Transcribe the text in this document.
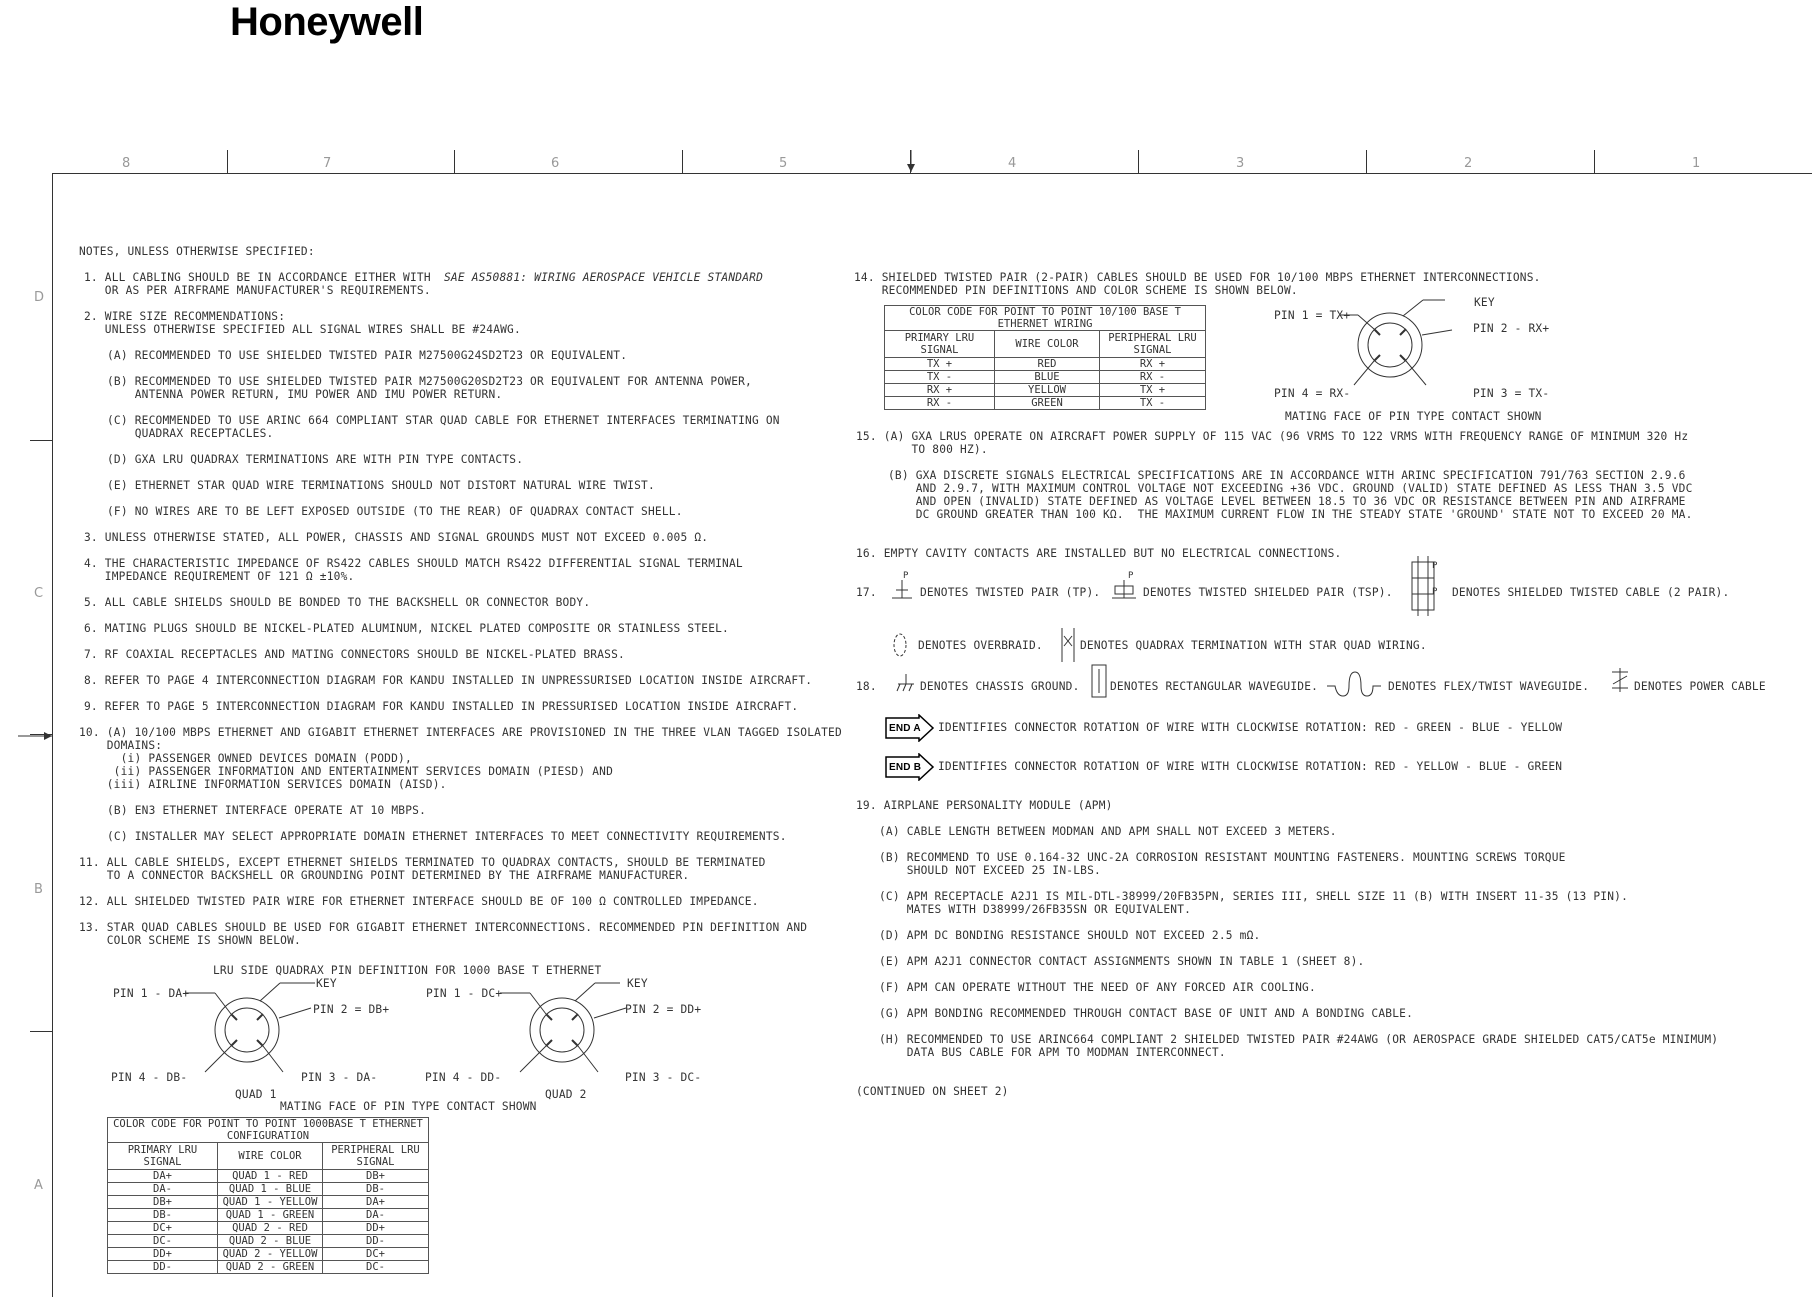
Honeywell
8	7	6	5	4	3	2	1
D
C
B
A
NOTES, UNLESS OTHERWISE SPECIFIED:
1. ALL CABLING SHOULD BE IN ACCORDANCE EITHER WITH SAE AS50881: WIRING AEROSPACE VEHICLE STANDARD
OR AS PER AIRFRAME MANUFACTURER'S REQUIREMENTS.
2. WIRE SIZE RECOMMENDATIONS:
UNLESS OTHERWISE SPECIFIED ALL SIGNAL WIRES SHALL BE #24AWG.
(A) RECOMMENDED TO USE SHIELDED TWISTED PAIR M27500G24SD2T23 OR EQUIVALENT.
(B) RECOMMENDED TO USE SHIELDED TWISTED PAIR M27500G20SD2T23 OR EQUIVALENT FOR ANTENNA POWER,
ANTENNA POWER RETURN, IMU POWER AND IMU POWER RETURN.
(C) RECOMMENDED TO USE ARINC 664 COMPLIANT STAR QUAD CABLE FOR ETHERNET INTERFACES TERMINATING ON
QUADRAX RECEPTACLES.
(D) GXA LRU QUADRAX TERMINATIONS ARE WITH PIN TYPE CONTACTS.
(E) ETHERNET STAR QUAD WIRE TERMINATIONS SHOULD NOT DISTORT NATURAL WIRE TWIST.
(F) NO WIRES ARE TO BE LEFT EXPOSED OUTSIDE (TO THE REAR) OF QUADRAX CONTACT SHELL.
3. UNLESS OTHERWISE STATED, ALL POWER, CHASSIS AND SIGNAL GROUNDS MUST NOT EXCEED 0.005 Ω.
4. THE CHARACTERISTIC IMPEDANCE OF RS422 CABLES SHOULD MATCH RS422 DIFFERENTIAL SIGNAL TERMINAL
IMPEDANCE REQUIREMENT OF 121 Ω ±10%.
5. ALL CABLE SHIELDS SHOULD BE BONDED TO THE BACKSHELL OR CONNECTOR BODY.
6. MATING PLUGS SHOULD BE NICKEL-PLATED ALUMINUM, NICKEL PLATED COMPOSITE OR STAINLESS STEEL.
7. RF COAXIAL RECEPTACLES AND MATING CONNECTORS SHOULD BE NICKEL-PLATED BRASS.
8. REFER TO PAGE 4 INTERCONNECTION DIAGRAM FOR KANDU INSTALLED IN UNPRESSURISED LOCATION INSIDE AIRCRAFT.
9. REFER TO PAGE 5 INTERCONNECTION DIAGRAM FOR KANDU INSTALLED IN PRESSURISED LOCATION INSIDE AIRCRAFT.
10. (A) 10/100 MBPS ETHERNET AND GIGABIT ETHERNET INTERFACES ARE PROVISIONED IN THE THREE VLAN TAGGED ISOLATED
DOMAINS:
(i) PASSENGER OWNED DEVICES DOMAIN (PODD),
(ii) PASSENGER INFORMATION AND ENTERTAINMENT SERVICES DOMAIN (PIESD) AND
(iii) AIRLINE INFORMATION SERVICES DOMAIN (AISD).
(B) EN3 ETHERNET INTERFACE OPERATE AT 10 MBPS.
(C) INSTALLER MAY SELECT APPROPRIATE DOMAIN ETHERNET INTERFACES TO MEET CONNECTIVITY REQUIREMENTS.
11. ALL CABLE SHIELDS, EXCEPT ETHERNET SHIELDS TERMINATED TO QUADRAX CONTACTS, SHOULD BE TERMINATED
TO A CONNECTOR BACKSHELL OR GROUNDING POINT DETERMINED BY THE AIRFRAME MANUFACTURER.
12. ALL SHIELDED TWISTED PAIR WIRE FOR ETHERNET INTERFACE SHOULD BE OF 100 Ω CONTROLLED IMPEDANCE.
13. STAR QUAD CABLES SHOULD BE USED FOR GIGABIT ETHERNET INTERCONNECTIONS. RECOMMENDED PIN DEFINITION AND
COLOR SCHEME IS SHOWN BELOW.
LRU SIDE QUADRAX PIN DEFINITION FOR 1000 BASE T ETHERNET
PIN 1 - DA+
KEY
PIN 2 = DB+
PIN 4 - DB-	PIN 3 - DA-
QUAD 1
PIN 1 - DC+
KEY
PIN 2 = DD+
PIN 4 - DD-	PIN 3 - DC-
QUAD 2
MATING FACE OF PIN TYPE CONTACT SHOWN
COLOR CODE FOR POINT TO POINT 1000BASE T ETHERNET
CONFIGURATION		
PRIMARY LRU
SIGNAL	WIRE COLOR	PERIPHERAL LRU
SIGNAL
DA+	QUAD 1 - RED	DB+
DA-	QUAD 1 - BLUE	DB-
DB+	QUAD 1 - YELLOW	DA+
DB-	QUAD 1 - GREEN	DA-
DC+	QUAD 2 - RED	DD+
DC-	QUAD 2 - BLUE	DD-
DD+	QUAD 2 - YELLOW	DC+
DD-	QUAD 2 - GREEN	DC-
14. SHIELDED TWISTED PAIR (2-PAIR) CABLES SHOULD BE USED FOR 10/100 MBPS ETHERNET INTERCONNECTIONS.
RECOMMENDED PIN DEFINITIONS AND COLOR SCHEME IS SHOWN BELOW.
COLOR CODE FOR POINT TO POINT 10/100 BASE T
ETHERNET WIRING		
PRIMARY LRU
SIGNAL	WIRE COLOR	PERIPHERAL LRU
SIGNAL
TX +	RED	RX +
TX -	BLUE	RX -
RX +	YELLOW	TX +
RX -	GREEN	TX -
PIN 1 = TX+
KEY
PIN 2 - RX+
PIN 4 = RX-	PIN 3 = TX-
MATING FACE OF PIN TYPE CONTACT SHOWN
15. (A) GXA LRUS OPERATE ON AIRCRAFT POWER SUPPLY OF 115 VAC (96 VRMS TO 122 VRMS WITH FREQUENCY RANGE OF MINIMUM 320 Hz
TO 800 HZ).
(B) GXA DISCRETE SIGNALS ELECTRICAL SPECIFICATIONS ARE IN ACCORDANCE WITH ARINC SPECIFICATION 791/763 SECTION 2.9.6
AND 2.9.7, WITH MAXIMUM CONTROL VOLTAGE NOT EXCEEDING +36 VDC. GROUND (VALID) STATE DEFINED AS LESS THAN 3.5 VDC
AND OPEN (INVALID) STATE DEFINED AS VOLTAGE LEVEL BETWEEN 18.5 TO 36 VDC OR RESISTANCE BETWEEN PIN AND AIRFRAME
DC GROUND GREATER THAN 100 KΩ.  THE MAXIMUM CURRENT FLOW IN THE STEADY STATE 'GROUND' STATE NOT TO EXCEED 20 MA.
16. EMPTY CAVITY CONTACTS ARE INSTALLED BUT NO ELECTRICAL CONNECTIONS.
17.
P
DENOTES TWISTED PAIR (TP).
P
DENOTES TWISTED SHIELDED PAIR (TSP).
P
P DENOTES SHIELDED TWISTED CABLE (2 PAIR).
DENOTES OVERBRAID.	DENOTES QUADRAX TERMINATION WITH STAR QUAD WIRING.
18.	DENOTES CHASSIS GROUND.	DENOTES RECTANGULAR WAVEGUIDE.	DENOTES FLEX/TWIST WAVEGUIDE.	DENOTES POWER CABLE
END A IDENTIFIES CONNECTOR ROTATION OF WIRE WITH CLOCKWISE ROTATION: RED - GREEN - BLUE - YELLOW
END B IDENTIFIES CONNECTOR ROTATION OF WIRE WITH CLOCKWISE ROTATION: RED - YELLOW - BLUE - GREEN
19. AIRPLANE PERSONALITY MODULE (APM)
(A) CABLE LENGTH BETWEEN MODMAN AND APM SHALL NOT EXCEED 3 METERS.
(B) RECOMMEND TO USE 0.164-32 UNC-2A CORROSION RESISTANT MOUNTING FASTENERS. MOUNTING SCREWS TORQUE
SHOULD NOT EXCEED 25 IN-LBS.
(C) APM RECEPTACLE A2J1 IS MIL-DTL-38999/20FB35PN, SERIES III, SHELL SIZE 11 (B) WITH INSERT 11-35 (13 PIN).
MATES WITH D38999/26FB35SN OR EQUIVALENT.
(D) APM DC BONDING RESISTANCE SHOULD NOT EXCEED 2.5 mΩ.
(E) APM A2J1 CONNECTOR CONTACT ASSIGNMENTS SHOWN IN TABLE 1 (SHEET 8).
(F) APM CAN OPERATE WITHOUT THE NEED OF ANY FORCED AIR COOLING.
(G) APM BONDING RECOMMENDED THROUGH CONTACT BASE OF UNIT AND A BONDING CABLE.
(H) RECOMMENDED TO USE ARINC664 COMPLIANT 2 SHIELDED TWISTED PAIR #24AWG (OR AEROSPACE GRADE SHIELDED CAT5/CAT5e MINIMUM)
DATA BUS CABLE FOR APM TO MODMAN INTERCONNECT.
(CONTINUED ON SHEET 2)
